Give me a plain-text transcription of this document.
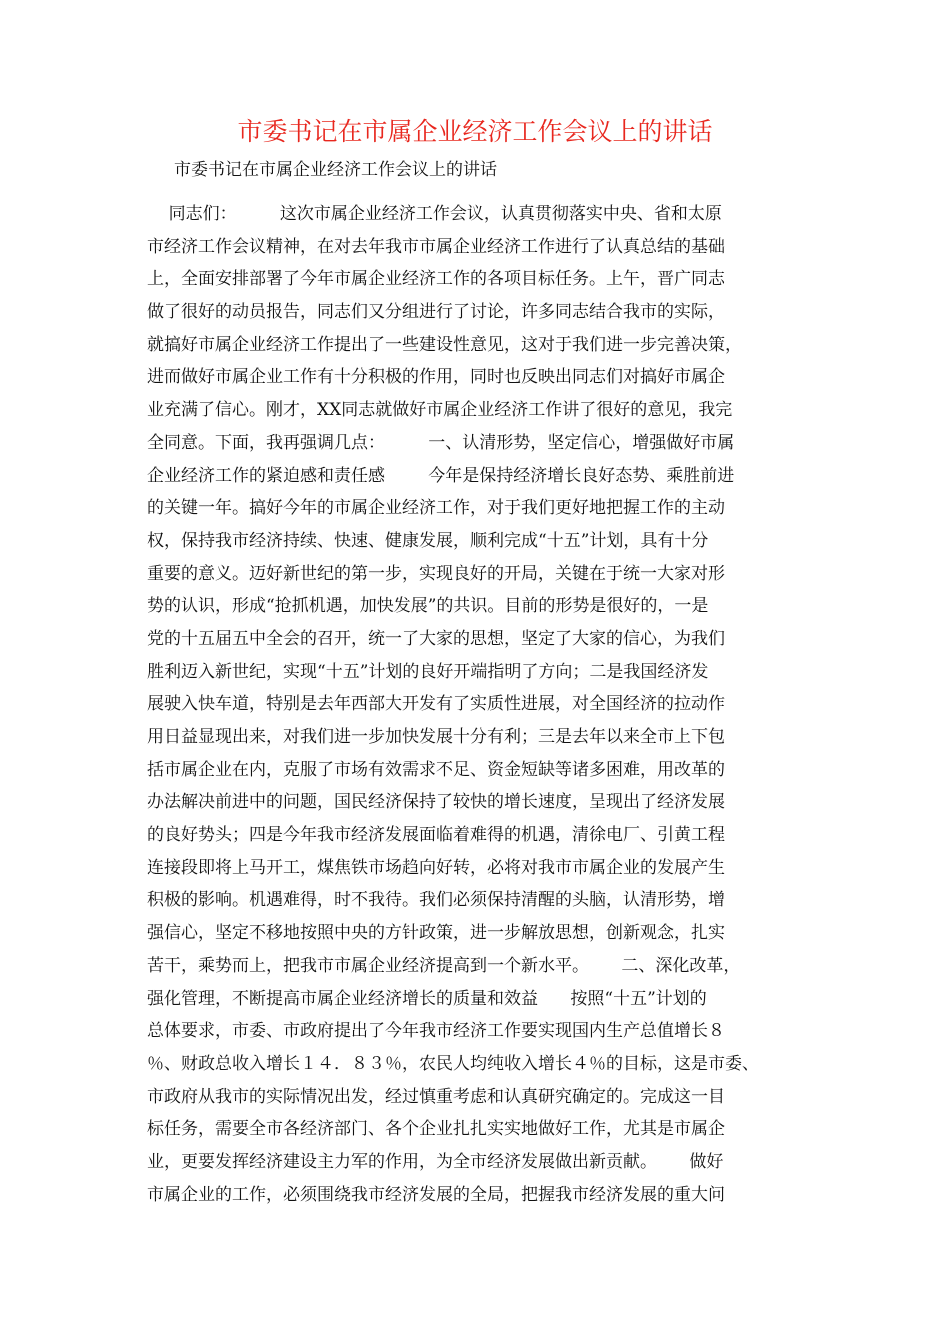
市委书记在市属企业经济工作会议上的讲话
市委书记在市属企业经济工作会议上的讲话
同志们：        这次市属企业经济工作会议，认真贯彻落实中央、省和太原
市经济工作会议精神，在对去年我市市属企业经济工作进行了认真总结的基础
上，全面安排部署了今年市属企业经济工作的各项目标任务。上午，晋广同志
做了很好的动员报告，同志们又分组进行了讨论，许多同志结合我市的实际，
就搞好市属企业经济工作提出了一些建设性意见，这对于我们进一步完善决策，
进而做好市属企业工作有十分积极的作用，同时也反映出同志们对搞好市属企
业充满了信心。刚才，XX同志就做好市属企业经济工作讲了很好的意见，我完
全同意。下面，我再强调几点：        一、认清形势，坚定信心，增强做好市属
企业经济工作的紧迫感和责任感        今年是保持经济增长良好态势、乘胜前进
的关键一年。搞好今年的市属企业经济工作，对于我们更好地把握工作的主动
权，保持我市经济持续、快速、健康发展，顺利完成“十五”计划，具有十分
重要的意义。迈好新世纪的第一步，实现良好的开局，关键在于统一大家对形
势的认识，形成“抢抓机遇，加快发展”的共识。目前的形势是很好的，一是
党的十五届五中全会的召开，统一了大家的思想，坚定了大家的信心，为我们
胜利迈入新世纪，实现“十五”计划的良好开端指明了方向；二是我国经济发
展驶入快车道，特别是去年西部大开发有了实质性进展，对全国经济的拉动作
用日益显现出来，对我们进一步加快发展十分有利；三是去年以来全市上下包
括市属企业在内，克服了市场有效需求不足、资金短缺等诸多困难，用改革的
办法解决前进中的问题，国民经济保持了较快的增长速度，呈现出了经济发展
的良好势头；四是今年我市经济发展面临着难得的机遇，清徐电厂、引黄工程
连接段即将上马开工，煤焦铁市场趋向好转，必将对我市市属企业的发展产生
积极的影响。机遇难得，时不我待。我们必须保持清醒的头脑，认清形势，增
强信心，坚定不移地按照中央的方针政策，进一步解放思想，创新观念，扎实
苦干，乘势而上，把我市市属企业经济提高到一个新水平。      二、深化改革，
强化管理，不断提高市属企业经济增长的质量和效益      按照“十五”计划的
总体要求，市委、市政府提出了今年我市经济工作要实现国内生产总值增长８
％、财政总收入增长１４．８３％，农民人均纯收入增长４％的目标，这是市委、
市政府从我市的实际情况出发，经过慎重考虑和认真研究确定的。完成这一目
标任务，需要全市各经济部门、各个企业扎扎实实地做好工作，尤其是市属企
业，更要发挥经济建设主力军的作用，为全市经济发展做出新贡献。      做好
市属企业的工作，必须围绕我市经济发展的全局，把握我市经济发展的重大问
